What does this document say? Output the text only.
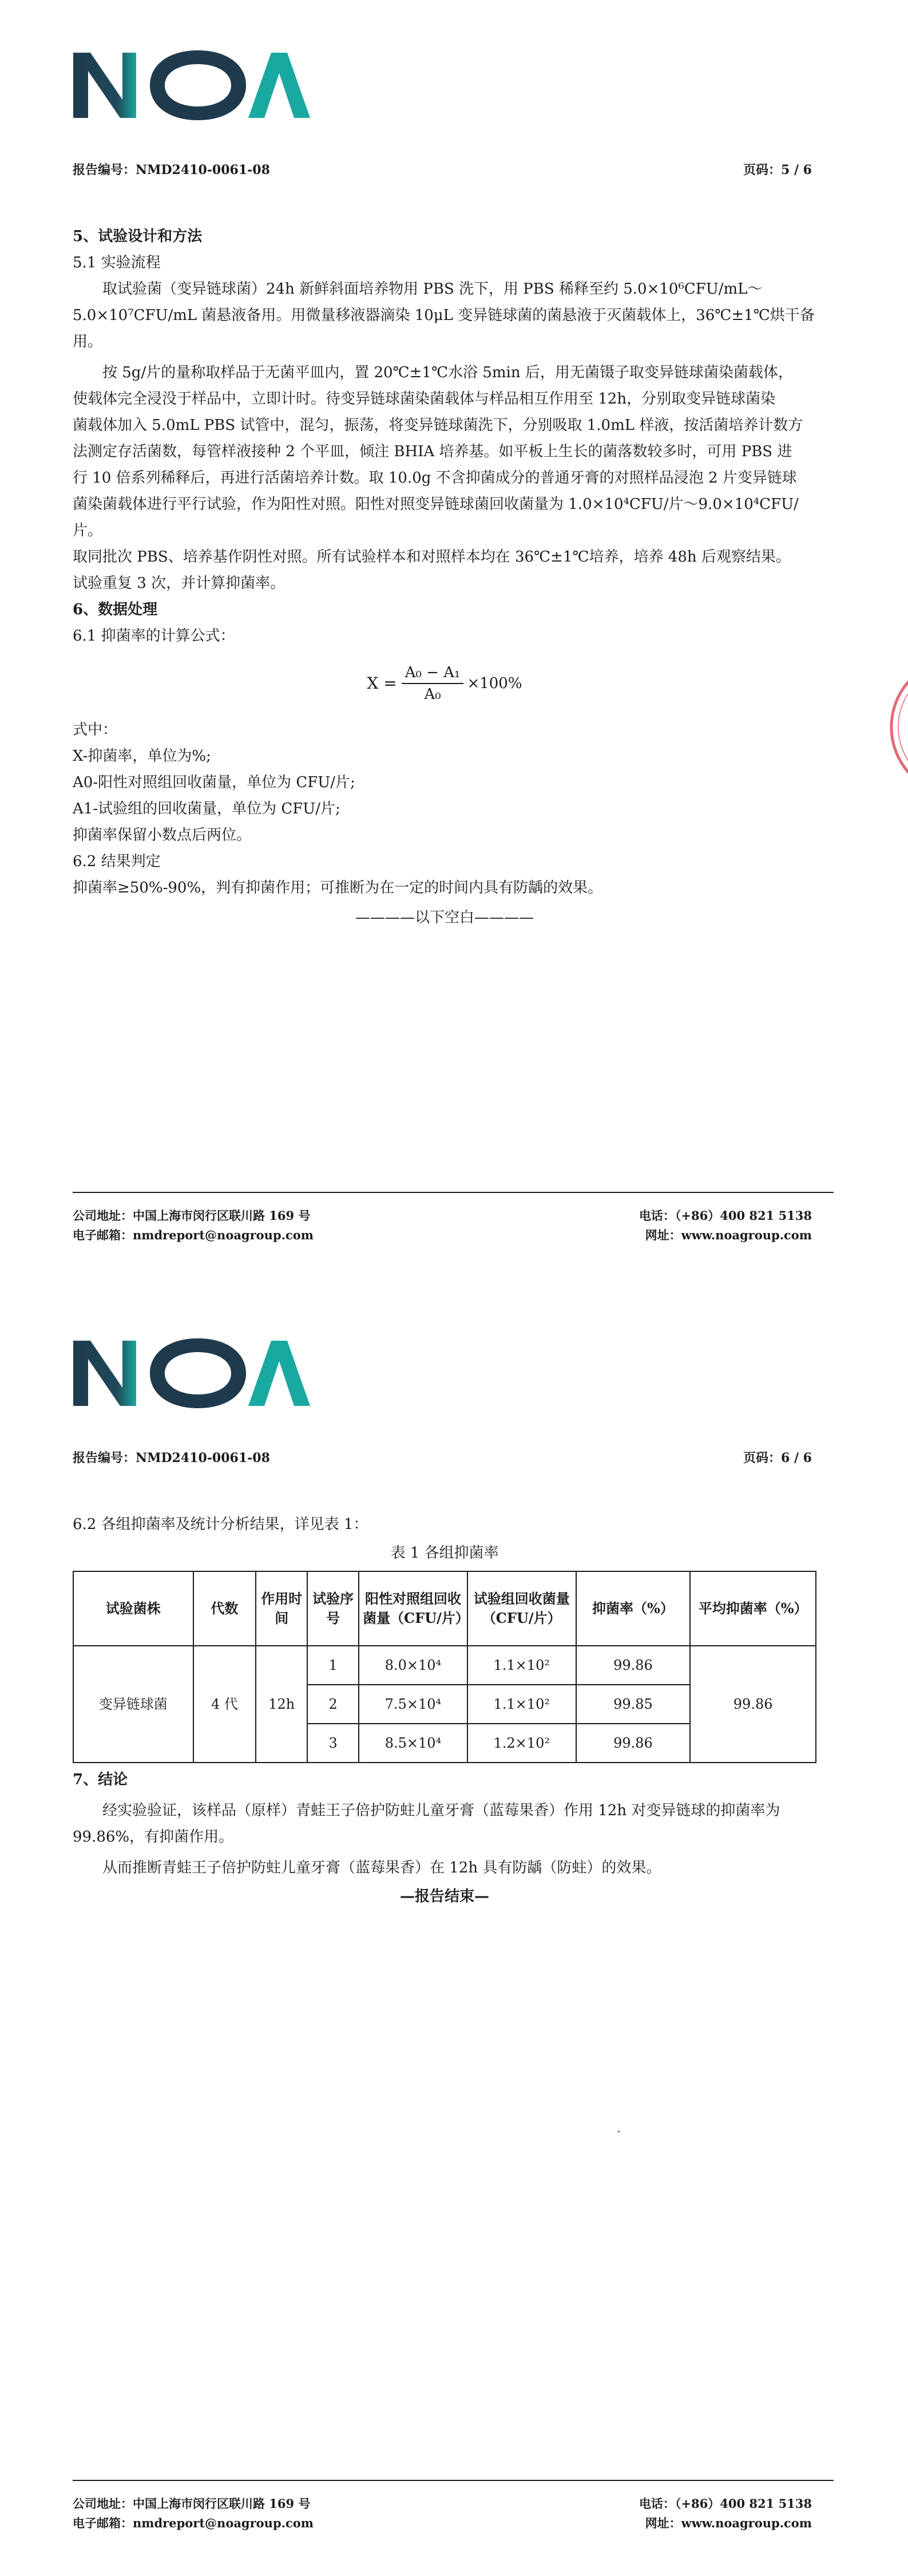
报告编号：NMD2410-0061-08	页码：5 / 6
5、试验设计和方法
5.1 实验流程
取试验菌（变异链球菌）24h 新鲜斜面培养物用 PBS 洗下，用 PBS 稀释至约 5.0×10⁶CFU/mL～
5.0×10⁷CFU/mL 菌悬液备用。用微量移液器滴染 10μL 变异链球菌的菌悬液于灭菌载体上，36℃±1℃烘干备
用。
按 5g/片的量称取样品于无菌平皿内，置 20℃±1℃水浴 5min 后，用无菌镊子取变异链球菌染菌载体，
使载体完全浸没于样品中，立即计时。待变异链球菌染菌载体与样品相互作用至 12h，分别取变异链球菌染
菌载体加入 5.0mL PBS 试管中，混匀，振荡，将变异链球菌洗下，分别吸取 1.0mL 样液，按活菌培养计数方
法测定存活菌数，每管样液接种 2 个平皿，倾注 BHIA 培养基。如平板上生长的菌落数较多时，可用 PBS 进
行 10 倍系列稀释后，再进行活菌培养计数。取 10.0g 不含抑菌成分的普通牙膏的对照样品浸泡 2 片变异链球
菌染菌载体进行平行试验，作为阳性对照。阳性对照变异链球菌回收菌量为 1.0×10⁴CFU/片～9.0×10⁴CFU/片。
取同批次 PBS、培养基作阴性对照。所有试验样本和对照样本均在 36℃±1℃培养，培养 48h 后观察结果。
试验重复 3 次，并计算抑菌率。
6、数据处理
6.1 抑菌率的计算公式：
$X = \frac{\text{A₀ − A₁}}{\text{A₀}} \times 100\%$
式中：
X-抑菌率，单位为%;
A0-阳性对照组回收菌量，单位为 CFU/片;
A1-试验组的回收菌量，单位为 CFU/片;
抑菌率保留小数点后两位。
6.2 结果判定
抑菌率≥50%-90%，判有抑菌作用；可推断为在一定的时间内具有防龋的效果。
————以下空白————
公司地址：中国上海市闵行区联川路 169 号
电子邮箱：nmdreport@noagroup.com
电话：（+86）400 821 5138
网址：www.noagroup.com
报告编号：NMD2410-0061-08	页码：6 / 6
6.2 各组抑菌率及统计分析结果，详见表 1：
表 1 各组抑菌率
试验菌株	代数	作用时间	试验序号	阳性对照组回收菌量（CFU/片）	试验组回收菌量（CFU/片）	抑菌率（%）	平均抑菌率（%）
变异链球菌	4 代	12h	1	8.0×10⁴	1.1×10²	99.86	99.86
			2	7.5×10⁴	1.1×10²	99.85	
			3	8.5×10⁴	1.2×10²	99.86	
7、结论
经实验验证，该样品（原样）青蛙王子倍护防蛀儿童牙膏（蓝莓果香）作用 12h 对变异链球的抑菌率为
99.86%，有抑菌作用。
从而推断青蛙王子倍护防蛀儿童牙膏（蓝莓果香）在 12h 具有防龋（防蛀）的效果。
—报告结束—
公司地址：中国上海市闵行区联川路 169 号
电子邮箱：nmdreport@noagroup.com
电话：（+86）400 821 5138
网址：www.noagroup.com
